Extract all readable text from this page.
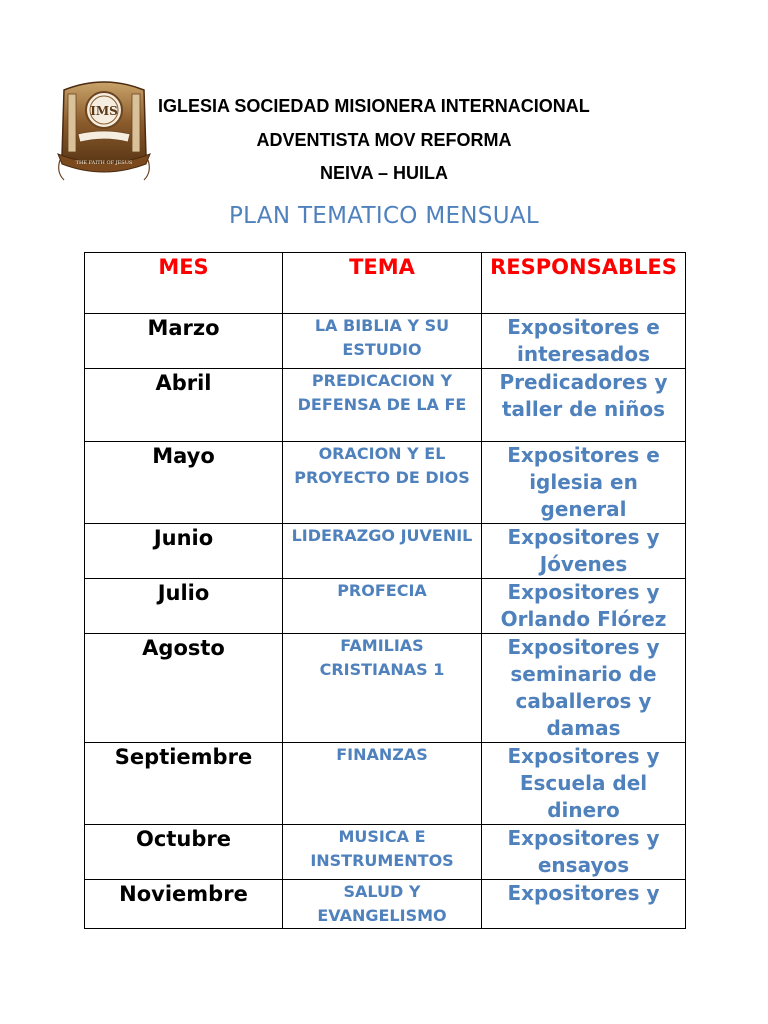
IMS
THE FAITH OF JESUS
IGLESIA SOCIEDAD MISIONERA INTERNACIONAL
ADVENTISTA MOV REFORMA
NEIVA – HUILA
PLAN TEMATICO MENSUAL
MES	TEMA	RESPONSABLES
Marzo	LA BIBLIA Y SU ESTUDIO	Expositores e interesados
Abril	PREDICACION Y DEFENSA DE LA FE	Predicadores y taller de niños
Mayo	ORACION Y EL PROYECTO DE DIOS	Expositores e iglesia en general
Junio	LIDERAZGO JUVENIL	Expositores y Jóvenes
Julio	PROFECIA	Expositores y Orlando Flórez
Agosto	FAMILIAS CRISTIANAS 1	Expositores y seminario de caballeros y damas
Septiembre	FINANZAS	Expositores y Escuela del dinero
Octubre	MUSICA E INSTRUMENTOS	Expositores y ensayos
Noviembre	SALUD Y EVANGELISMO	Expositores y
